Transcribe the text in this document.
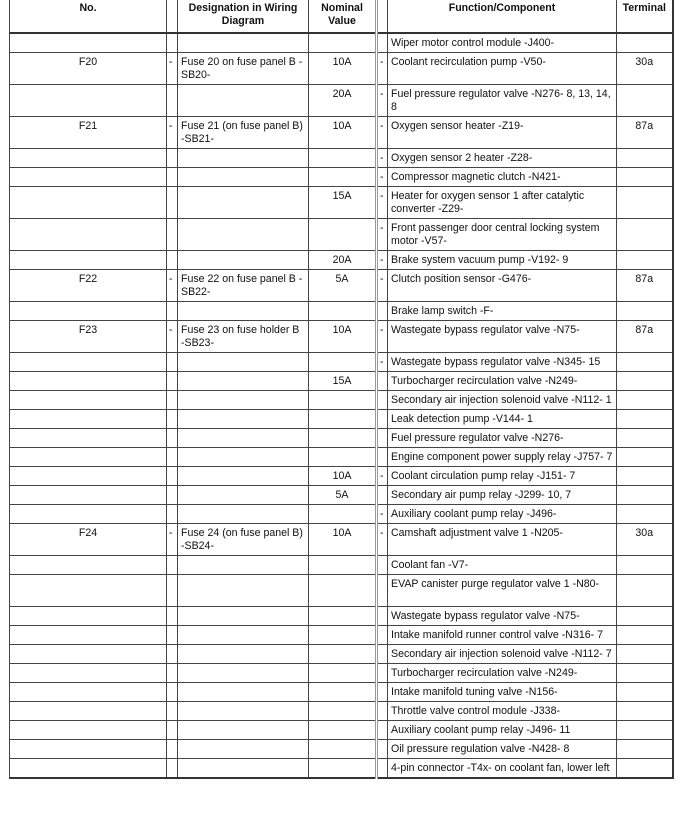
No.		Designation in Wiring Diagram	Nominal Value		Function/Component	Terminal
					Wiper motor control module -J400-	
F20	-	Fuse 20 on fuse panel B -SB20-	10A	-	Coolant recirculation pump -V50-	30a
			20A	-	Fuel pressure regulator valve -N276- 8, 13, 14, 8	
F21	-	Fuse 21 (on fuse panel B) -SB21-	10A	-	Oxygen sensor heater -Z19-	87a
				-	Oxygen sensor 2 heater -Z28-	
				-	Compressor magnetic clutch -N421-	
			15A	-	Heater for oxygen sensor 1 after catalytic converter -Z29-	
				-	Front passenger door central locking system motor -V57-	
			20A	-	Brake system vacuum pump -V192- 9	
F22	-	Fuse 22 on fuse panel B -SB22-	5A	-	Clutch position sensor -G476-	87a
					Brake lamp switch -F-	
F23	-	Fuse 23 on fuse holder B -SB23-	10A	-	Wastegate bypass regulator valve -N75-	87a
				-	Wastegate bypass regulator valve -N345- 15	
			15A		Turbocharger recirculation valve -N249-	
					Secondary air injection solenoid valve -N112- 1	
					Leak detection pump -V144- 1	
					Fuel pressure regulator valve -N276-	
					Engine component power supply relay -J757- 7	
			10A	-	Coolant circulation pump relay -J151- 7	
			5A		Secondary air pump relay -J299- 10, 7	
				-	Auxiliary coolant pump relay -J496-	
F24	-	Fuse 24 (on fuse panel B) -SB24-	10A	-	Camshaft adjustment valve 1 -N205-	30a
					Coolant fan -V7-	
					EVAP canister purge regulator valve 1 -N80-	
					Wastegate bypass regulator valve -N75-	
					Intake manifold runner control valve -N316- 7	
					Secondary air injection solenoid valve -N112- 7	
					Turbocharger recirculation valve -N249-	
					Intake manifold tuning valve -N156-	
					Throttle valve control module -J338-	
					Auxiliary coolant pump relay -J496- 11	
					Oil pressure regulation valve -N428- 8	
					4-pin connector -T4x- on coolant fan, lower left	
